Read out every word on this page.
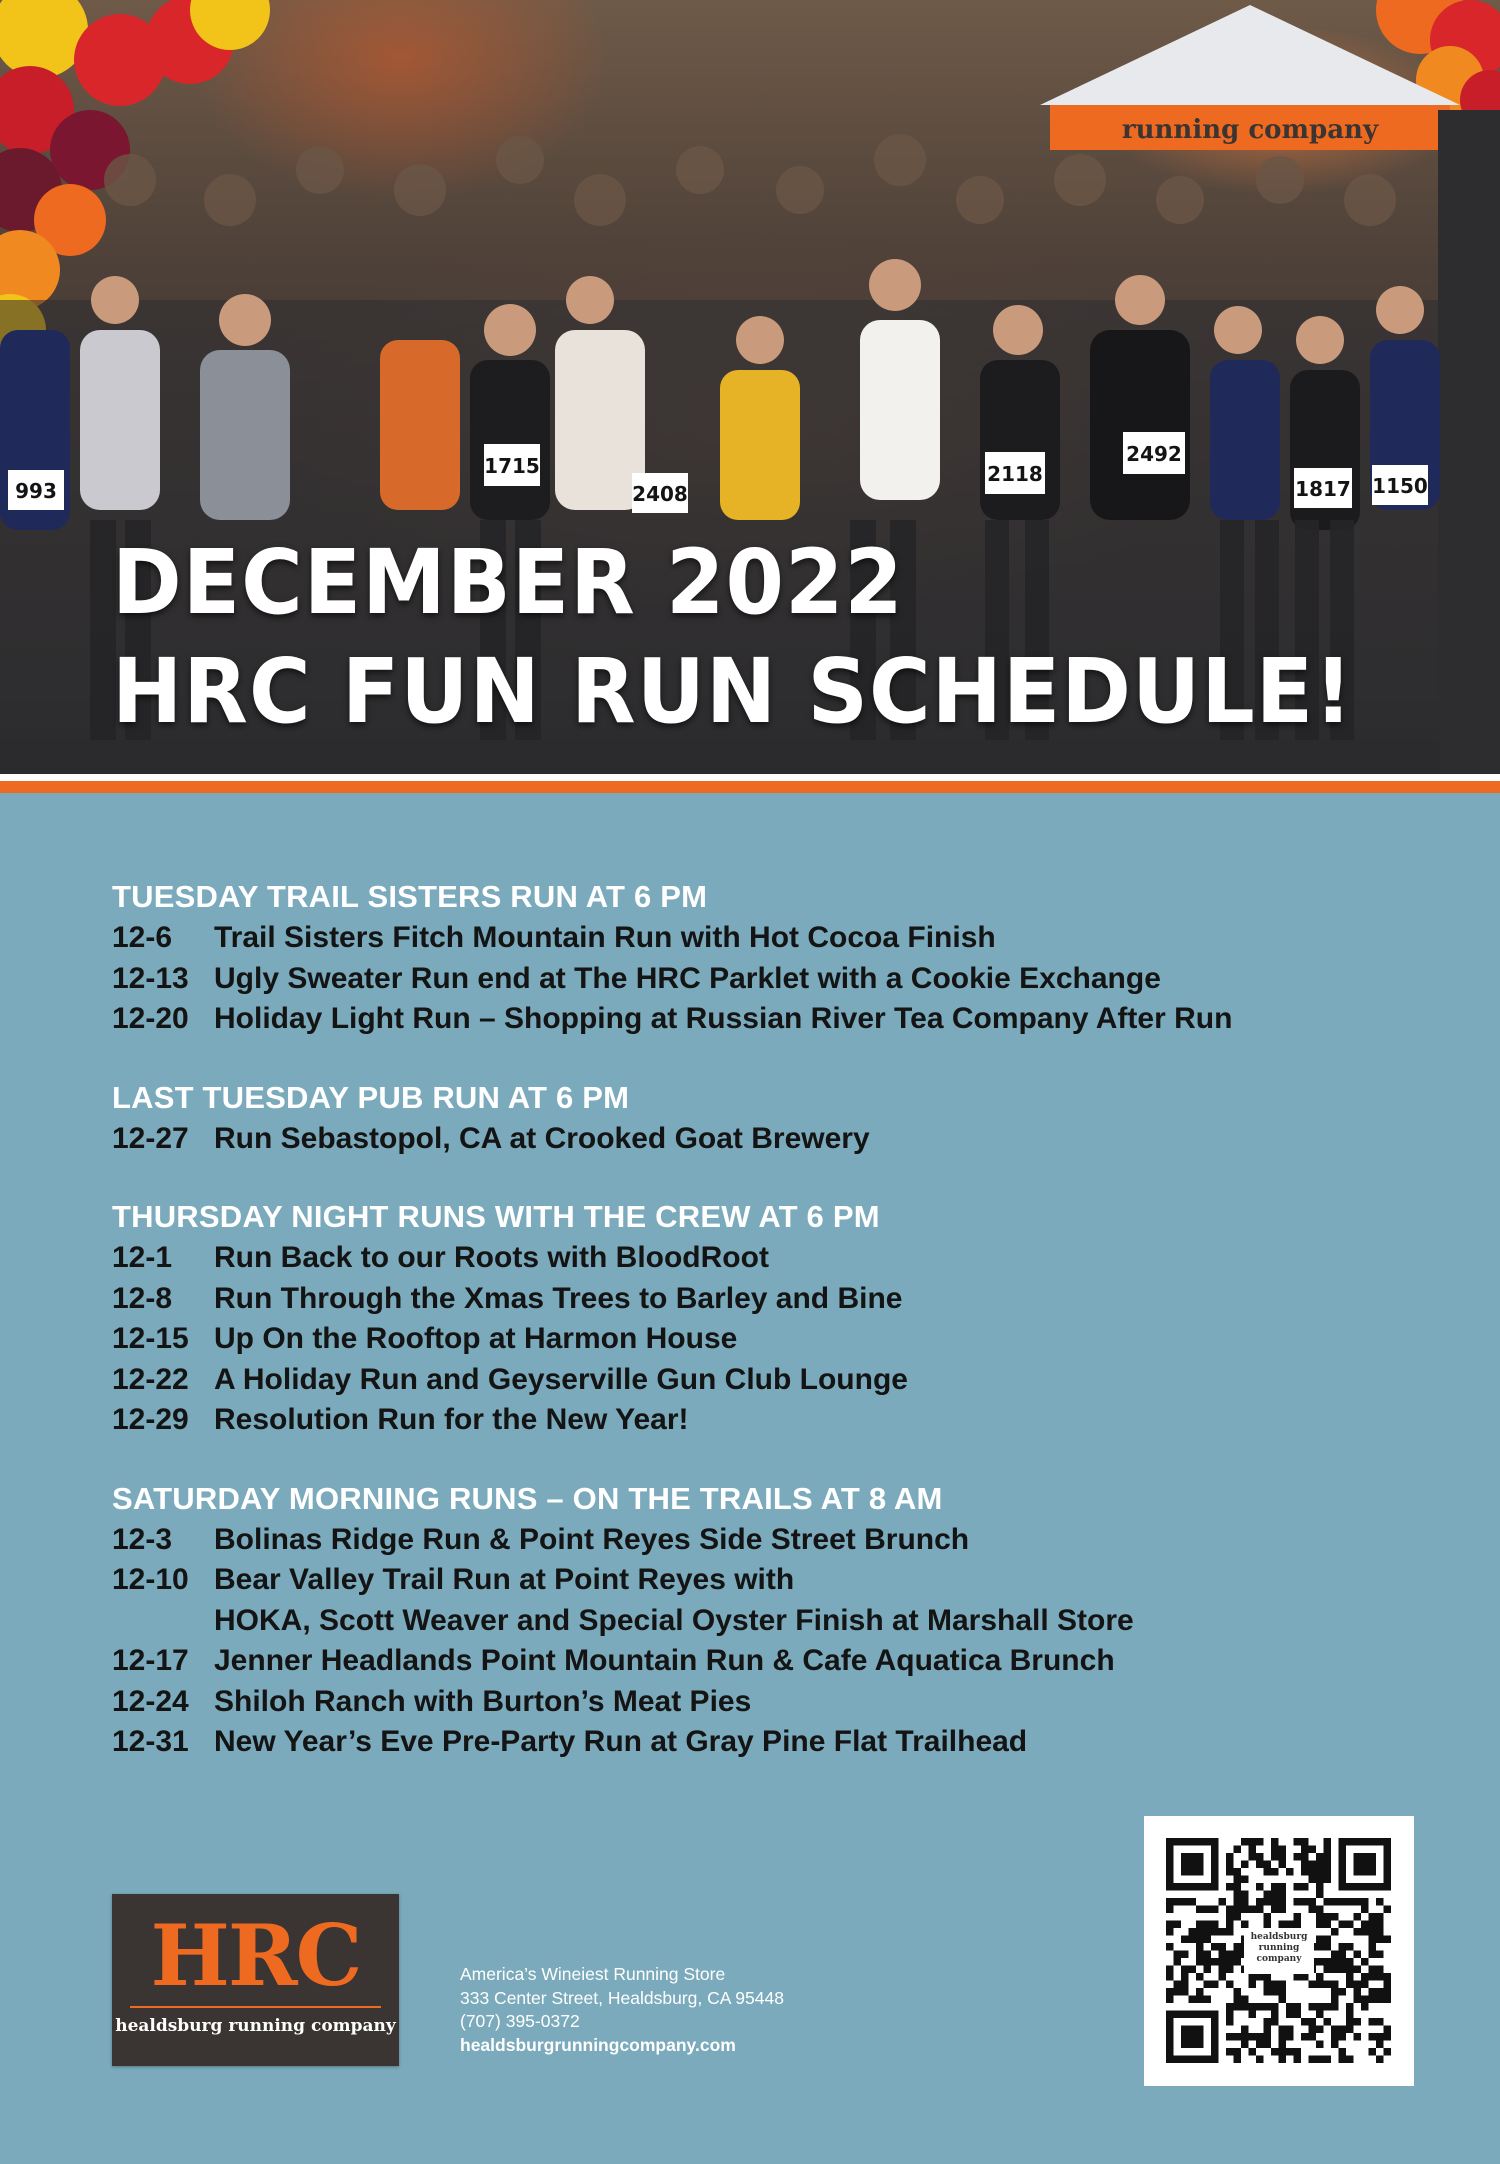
running company
993
1715
2408
2118
2492
1817 1150
DECEMBER 2022
HRC FUN RUN SCHEDULE!
TUESDAY TRAIL SISTERS RUN AT 6 PM
12-6	Trail Sisters Fitch Mountain Run with Hot Cocoa Finish
12-13 Ugly Sweater Run end at The HRC Parklet with a Cookie Exchange
12-20 Holiday Light Run – Shopping at Russian River Tea Company After Run
LAST TUESDAY PUB RUN AT 6 PM
12-27 Run Sebastopol, CA at Crooked Goat Brewery
THURSDAY NIGHT RUNS WITH THE CREW AT 6 PM
12-1	Run Back to our Roots with BloodRoot
12-8	Run Through the Xmas Trees to Barley and Bine
12-15 Up On the Rooftop at Harmon House
12-22 A Holiday Run and Geyserville Gun Club Lounge
12-29 Resolution Run for the New Year!
SATURDAY MORNING RUNS – ON THE TRAILS AT 8 AM
12-3	Bolinas Ridge Run & Point Reyes Side Street Brunch
12-10 Bear Valley Trail Run at Point Reyes with
HOKA, Scott Weaver and Special Oyster Finish at Marshall Store
12-17 Jenner Headlands Point Mountain Run & Cafe Aquatica Brunch
12-24 Shiloh Ranch with Burton’s Meat Pies
12-31 New Year’s Eve Pre-Party Run at Gray Pine Flat Trailhead
HRC
healdsburg running company
America’s Wineiest Running Store
333 Center Street, Healdsburg, CA 95448
(707) 395-0372
healdsburgrunningcompany.com
healdsburg running company
